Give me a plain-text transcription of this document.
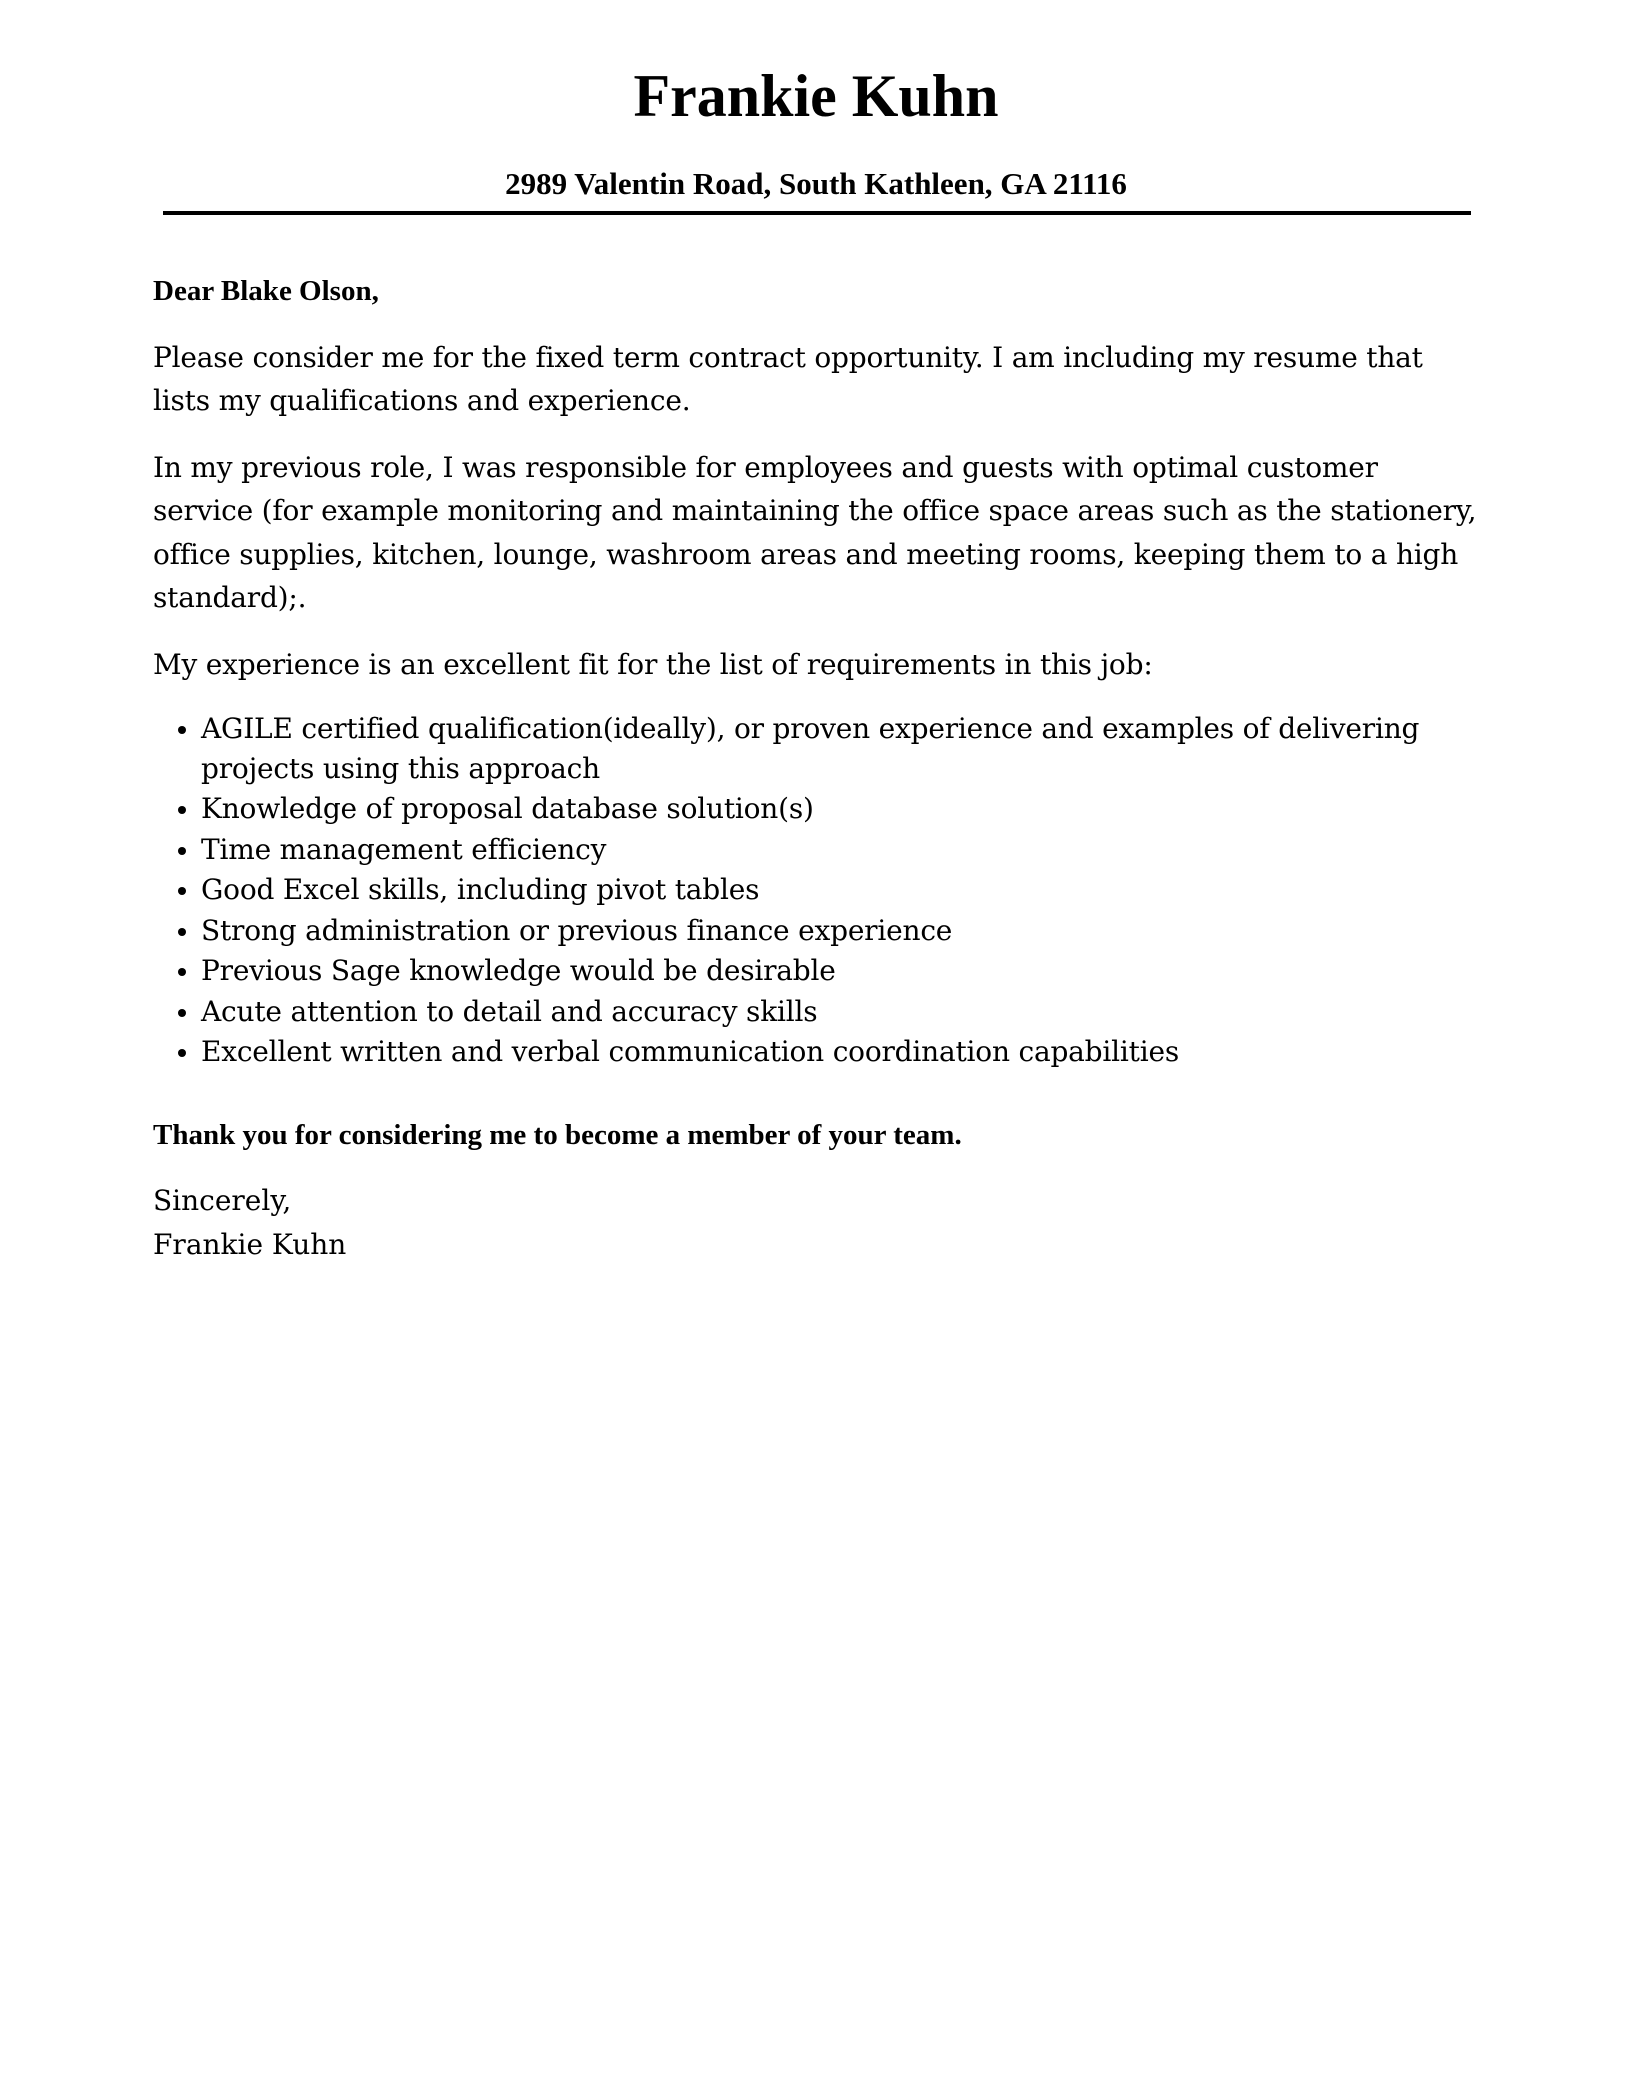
Frankie Kuhn
2989 Valentin Road, South Kathleen, GA 21116

Dear Blake Olson,

Please consider me for the fixed term contract opportunity. I am including my resume that lists my qualifications and experience.

In my previous role, I was responsible for employees and guests with optimal customer service (for example monitoring and maintaining the office space areas such as the stationery, office supplies, kitchen, lounge, washroom areas and meeting rooms, keeping them to a high standard);.

My experience is an excellent fit for the list of requirements in this job:

AGILE certified qualification(ideally), or proven experience and examples of delivering projects using this approach
Knowledge of proposal database solution(s)
Time management efficiency
Good Excel skills, including pivot tables
Strong administration or previous finance experience
Previous Sage knowledge would be desirable
Acute attention to detail and accuracy skills
Excellent written and verbal communication coordination capabilities

Thank you for considering me to become a member of your team.

Sincerely,

Frankie Kuhn
